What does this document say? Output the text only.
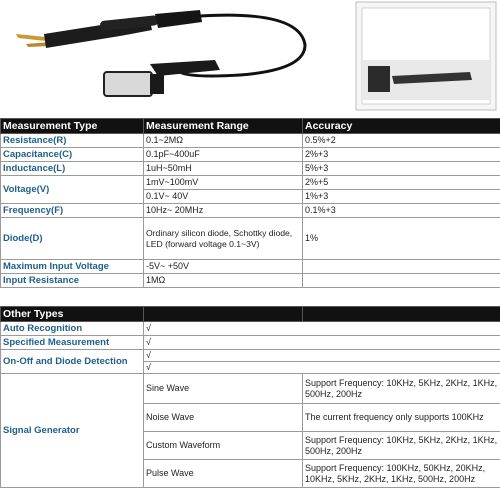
Measurement Type	Measurement Range	Accuracy
Resistance(R)	0.1~2MΩ	0.5%+2
Capacitance(C)	0.1pF~400uF	2%+3
Inductance(L)	1uH~50mH	5%+3
Voltage(V)	1mV~100mV	2%+5
	0.1V~ 40V	1%+3
Frequency(F)	10Hz~ 20MHz	0.1%+3
Diode(D)	Ordinary silicon diode, Schottky diode, LED (forward voltage 0.1~3V)	1%
Maximum Input Voltage	-5V~ +50V	
Input Resistance	1MΩ	
Other Types		
Auto Recognition	√	
Specified Measurement	√	
On-Off and Diode Detection	√	
	√	
Signal Generator	Sine Wave	Support Frequency: 10KHz, 5KHz, 2KHz, 1KHz, 500Hz, 200Hz
	Noise Wave	The current frequency only supports 100KHz
	Custom Waveform	Support Frequency: 10KHz, 5KHz, 2KHz, 1KHz, 500Hz, 200Hz
	Pulse Wave	Support Frequency: 100KHz, 50KHz, 20KHz, 10KHz, 5KHz, 2KHz, 1KHz, 500Hz, 200Hz
